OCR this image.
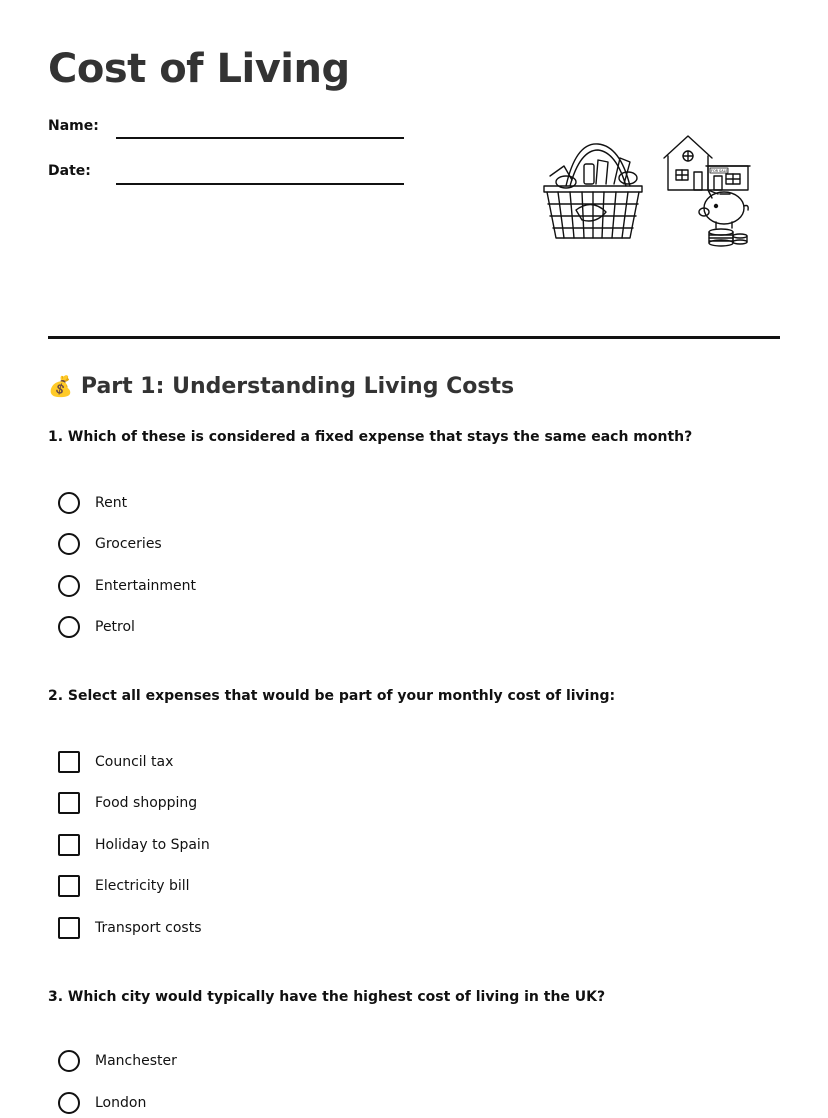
Cost of Living
Name:
Date:	FOR SALE
💰 Part 1: Understanding Living Costs
1. Which of these is considered a fixed expense that stays the same each month?
Rent
Groceries
Entertainment
Petrol
2. Select all expenses that would be part of your monthly cost of living:
Council tax
Food shopping
Holiday to Spain
Electricity bill
Transport costs
3. Which city would typically have the highest cost of living in the UK?
Manchester
London
